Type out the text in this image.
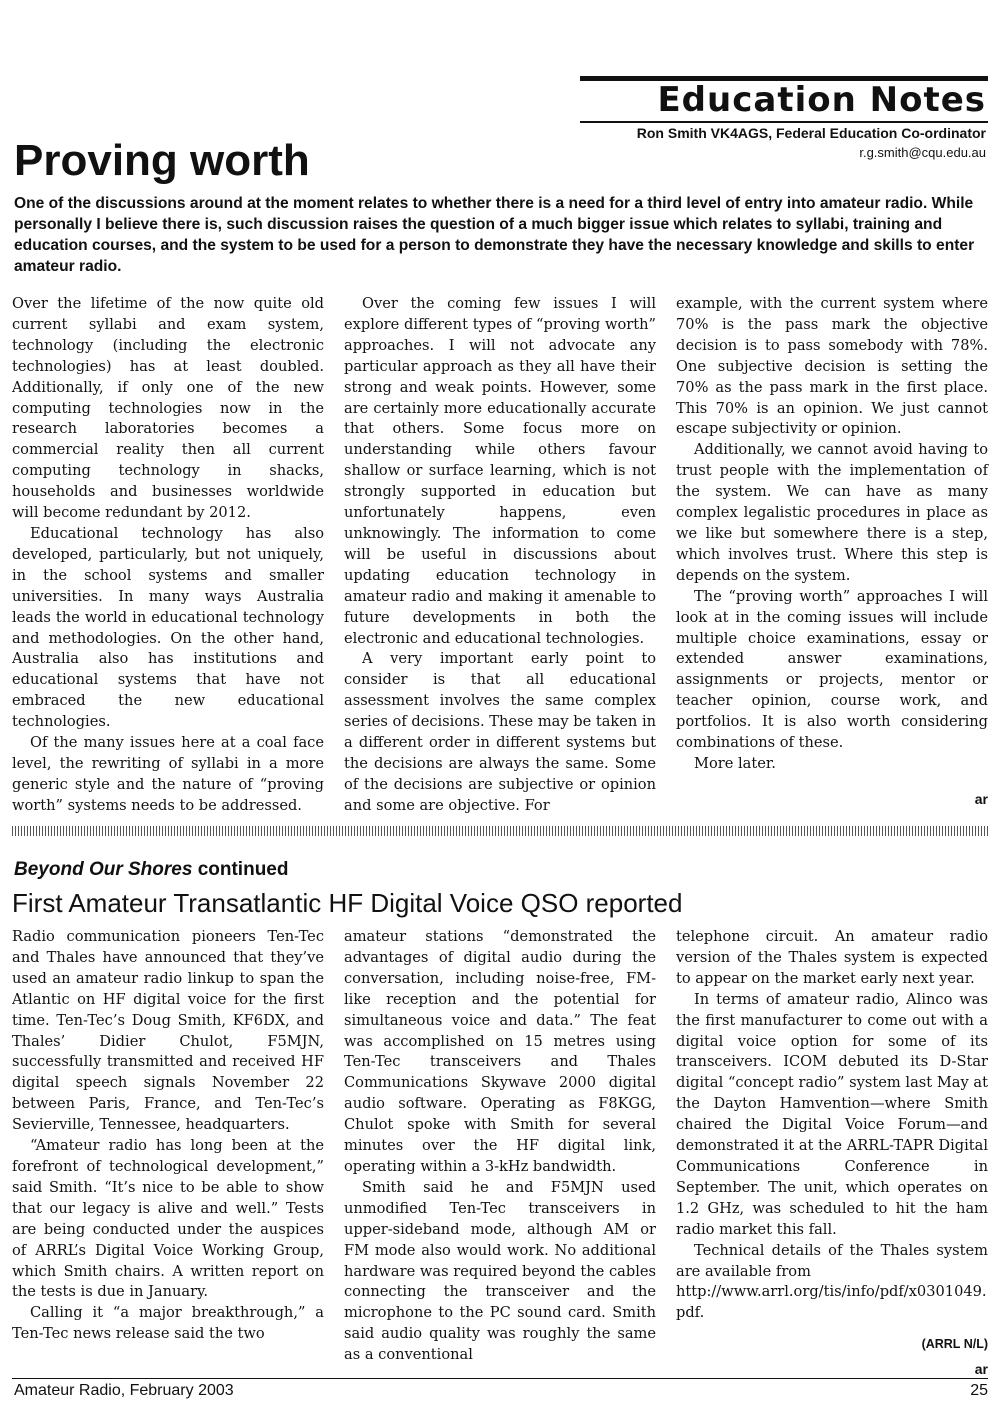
Education Notes
Ron Smith VK4AGS, Federal Education Co-ordinator
r.g.smith@cqu.edu.au
Proving worth

One of the discussions around at the moment relates to whether there is a need for a third level of entry into amateur radio. While personally I believe there is, such discussion raises the question of a much bigger issue which relates to syllabi, training and education courses, and the system to be used for a person to demonstrate they have the necessary knowledge and skills to enter amateur radio.

Over the lifetime of the now quite old current syllabi and exam system, technology (including the electronic technologies) has at least doubled. Additionally, if only one of the new computing technologies now in the research laboratories becomes a commercial reality then all current computing technology in shacks, households and businesses worldwide will become redundant by 2012.

Educational technology has also developed, particularly, but not uniquely, in the school systems and smaller universities. In many ways Australia leads the world in educational technology and methodologies. On the other hand, Australia also has institutions and educational systems that have not embraced the new educational technologies.

Of the many issues here at a coal face level, the rewriting of syllabi in a more generic style and the nature of “proving worth” systems needs to be addressed.

Over the coming few issues I will explore different types of “proving worth” approaches. I will not advocate any particular approach as they all have their strong and weak points. However, some are certainly more educationally accurate that others. Some focus more on understanding while others favour shallow or surface learning, which is not strongly supported in education but unfortunately happens, even unknowingly. The information to come will be useful in discussions about updating education technology in amateur radio and making it amenable to future developments in both the electronic and educational technologies.

A very important early point to consider is that all educational assessment involves the same complex series of decisions. These may be taken in a different order in different systems but the decisions are always the same. Some of the decisions are subjective or opinion and some are objective. For

example, with the current system where 70% is the pass mark the objective decision is to pass somebody with 78%. One subjective decision is setting the 70% as the pass mark in the first place. This 70% is an opinion. We just cannot escape subjectivity or opinion.

Additionally, we cannot avoid having to trust people with the implementation of the system. We can have as many complex legalistic procedures in place as we like but somewhere there is a step, which involves trust. Where this step is depends on the system.

The “proving worth” approaches I will look at in the coming issues will include multiple choice examinations, essay or extended answer examinations, assignments or projects, mentor or teacher opinion, course work, and portfolios. It is also worth considering combinations of these.

More later.

ar
Beyond Our Shores continued
First Amateur Transatlantic HF Digital Voice QSO reported

Radio communication pioneers Ten-Tec and Thales have announced that they’ve used an amateur radio linkup to span the Atlantic on HF digital voice for the first time. Ten-Tec’s Doug Smith, KF6DX, and Thales’ Didier Chulot, F5MJN, successfully transmitted and received HF digital speech signals November 22 between Paris, France, and Ten-Tec’s Sevierville, Tennessee, headquarters.

“Amateur radio has long been at the forefront of technological development,” said Smith. “It’s nice to be able to show that our legacy is alive and well.” Tests are being conducted under the auspices of ARRL’s Digital Voice Working Group, which Smith chairs. A written report on the tests is due in January.

Calling it “a major breakthrough,” a Ten-Tec news release said the two

amateur stations “demonstrated the advantages of digital audio during the conversation, including noise-free, FM-like reception and the potential for simultaneous voice and data.” The feat was accomplished on 15 metres using Ten-Tec transceivers and Thales Communications Skywave 2000 digital audio software. Operating as F8KGG, Chulot spoke with Smith for several minutes over the HF digital link, operating within a 3-kHz bandwidth.

Smith said he and F5MJN used unmodified Ten-Tec transceivers in upper-sideband mode, although AM or FM mode also would work. No additional hardware was required beyond the cables connecting the transceiver and the microphone to the PC sound card. Smith said audio quality was roughly the same as a conventional

telephone circuit. An amateur radio version of the Thales system is expected to appear on the market early next year.

In terms of amateur radio, Alinco was the first manufacturer to come out with a digital voice option for some of its transceivers. ICOM debuted its D-Star digital “concept radio” system last May at the Dayton Hamvention—where Smith chaired the Digital Voice Forum—and demonstrated it at the ARRL-TAPR Digital Communications Conference in September. The unit, which operates on 1.2 GHz, was scheduled to hit the ham radio market this fall.

Technical details of the Thales system are available from

http://www.arrl.org/tis/info/pdf/x0301049.pdf.

(ARRL N/L)
ar
Amateur Radio, February 2003	25
